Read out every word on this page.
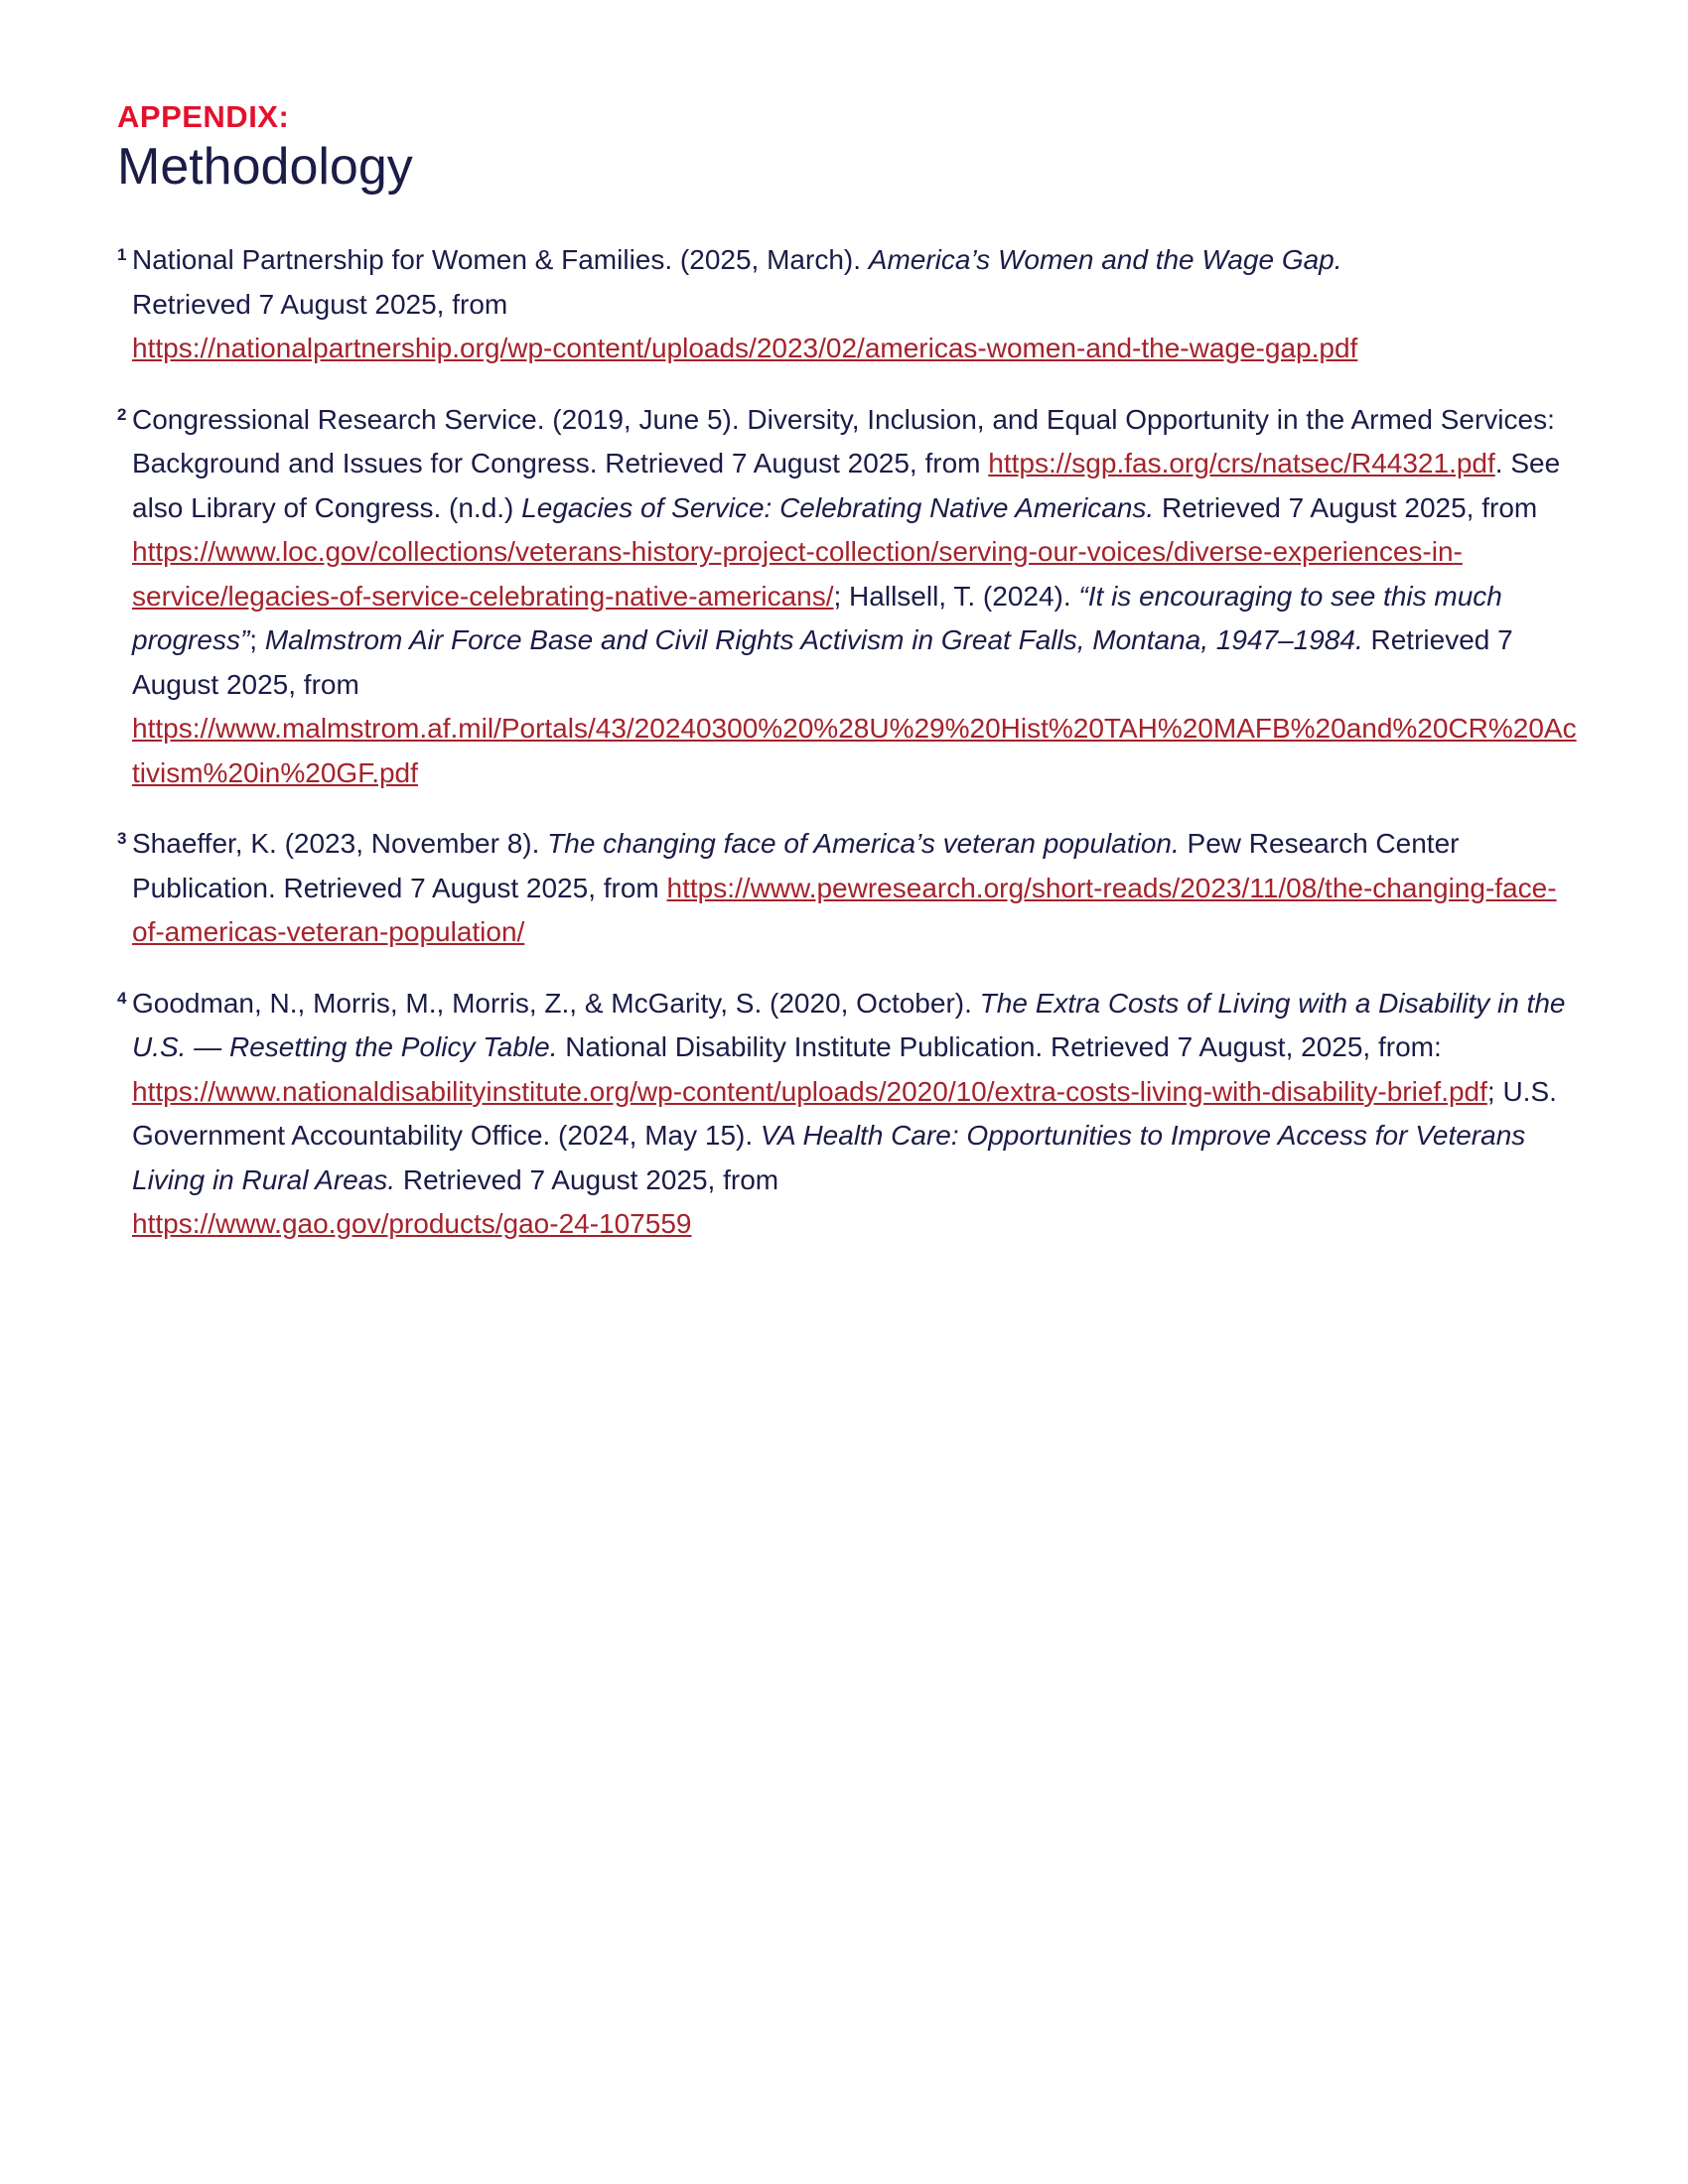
APPENDIX:
Methodology
1 National Partnership for Women & Families. (2025, March). America’s Women and the Wage Gap.
Retrieved 7 August 2025, from
https://nationalpartnership.org/wp-content/uploads/2023/02/americas-women-and-the-wage-gap.pdf
2 Congressional Research Service. (2019, June 5). Diversity, Inclusion, and Equal Opportunity in the Armed Services: Background and Issues for Congress. Retrieved 7 August 2025, from https://sgp.fas.org/crs/natsec/R44321.pdf. See also Library of Congress. (n.d.) Legacies of Service: Celebrating Native Americans. Retrieved 7 August 2025, from https://www.loc.gov/collections/veterans-history-project-collection/serving-our-voices/diverse-experiences-in-service/legacies-of-service-celebrating-native-americans/; Hallsell, T. (2024). “It is encouraging to see this much progress”; Malmstrom Air Force Base and Civil Rights Activism in Great Falls, Montana, 1947–1984. Retrieved 7 August 2025, from https://www.malmstrom.af.mil/Portals/43/20240300%20%28U%29%20Hist%20TAH%20MAFB%20and%20CR%20Activism%20in%20GF.pdf
3 Shaeffer, K. (2023, November 8). The changing face of America’s veteran population. Pew Research Center Publication. Retrieved 7 August 2025, from https://www.pewresearch.org/short-reads/2023/11/08/the-changing-face-of-americas-veteran-population/
4 Goodman, N., Morris, M., Morris, Z., & McGarity, S. (2020, October). The Extra Costs of Living with a Disability in the U.S. — Resetting the Policy Table. National Disability Institute Publication. Retrieved 7 August, 2025, from: https://www.nationaldisabilityinstitute.org/wp-content/uploads/2020/10/extra-costs-living-with-disability-brief.pdf; U.S. Government Accountability Office. (2024, May 15). VA Health Care: Opportunities to Improve Access for Veterans Living in Rural Areas. Retrieved 7 August 2025, from
https://www.gao.gov/products/gao-24-107559
